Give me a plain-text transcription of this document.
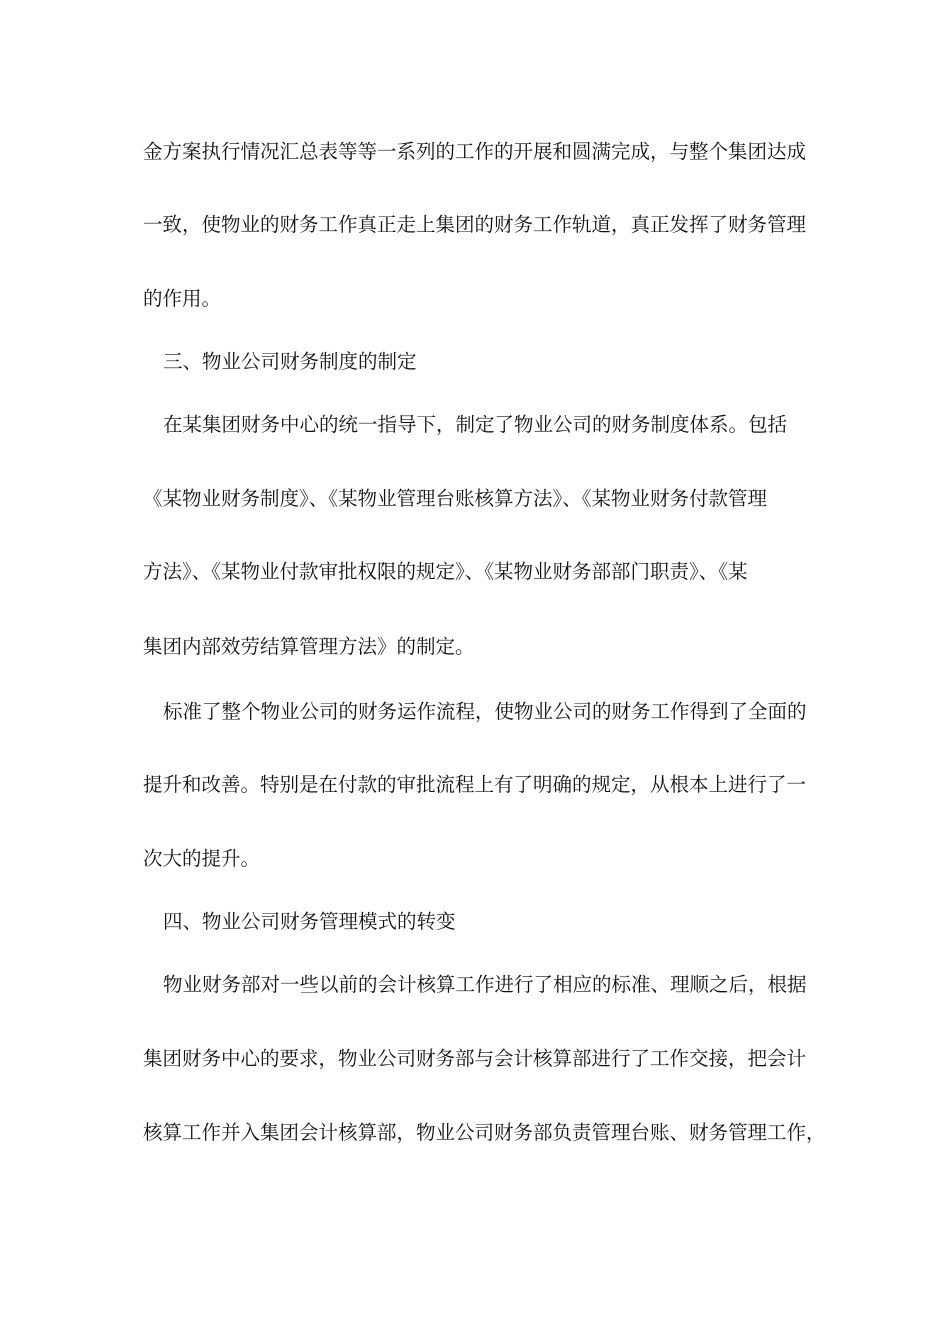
金方案执行情况汇总表等等一系列的工作的开展和圆满完成，与整个集团达成
一致，使物业的财务工作真正走上集团的财务工作轨道，真正发挥了财务管理
的作用。
三、物业公司财务制度的制定
在某集团财务中心的统一指导下，制定了物业公司的财务制度体系。包括
《某物业财务制度》、《某物业管理台账核算方法》、《某物业财务付款管理
方法》、《某物业付款审批权限的规定》、《某物业财务部部门职责》、《某
集团内部效劳结算管理方法》的制定。
标准了整个物业公司的财务运作流程，使物业公司的财务工作得到了全面的
提升和改善。特别是在付款的审批流程上有了明确的规定，从根本上进行了一
次大的提升。
四、物业公司财务管理模式的转变
物业财务部对一些以前的会计核算工作进行了相应的标准、理顺之后，根据
集团财务中心的要求，物业公司财务部与会计核算部进行了工作交接，把会计
核算工作并入集团会计核算部，物业公司财务部负责管理台账、财务管理工作，
